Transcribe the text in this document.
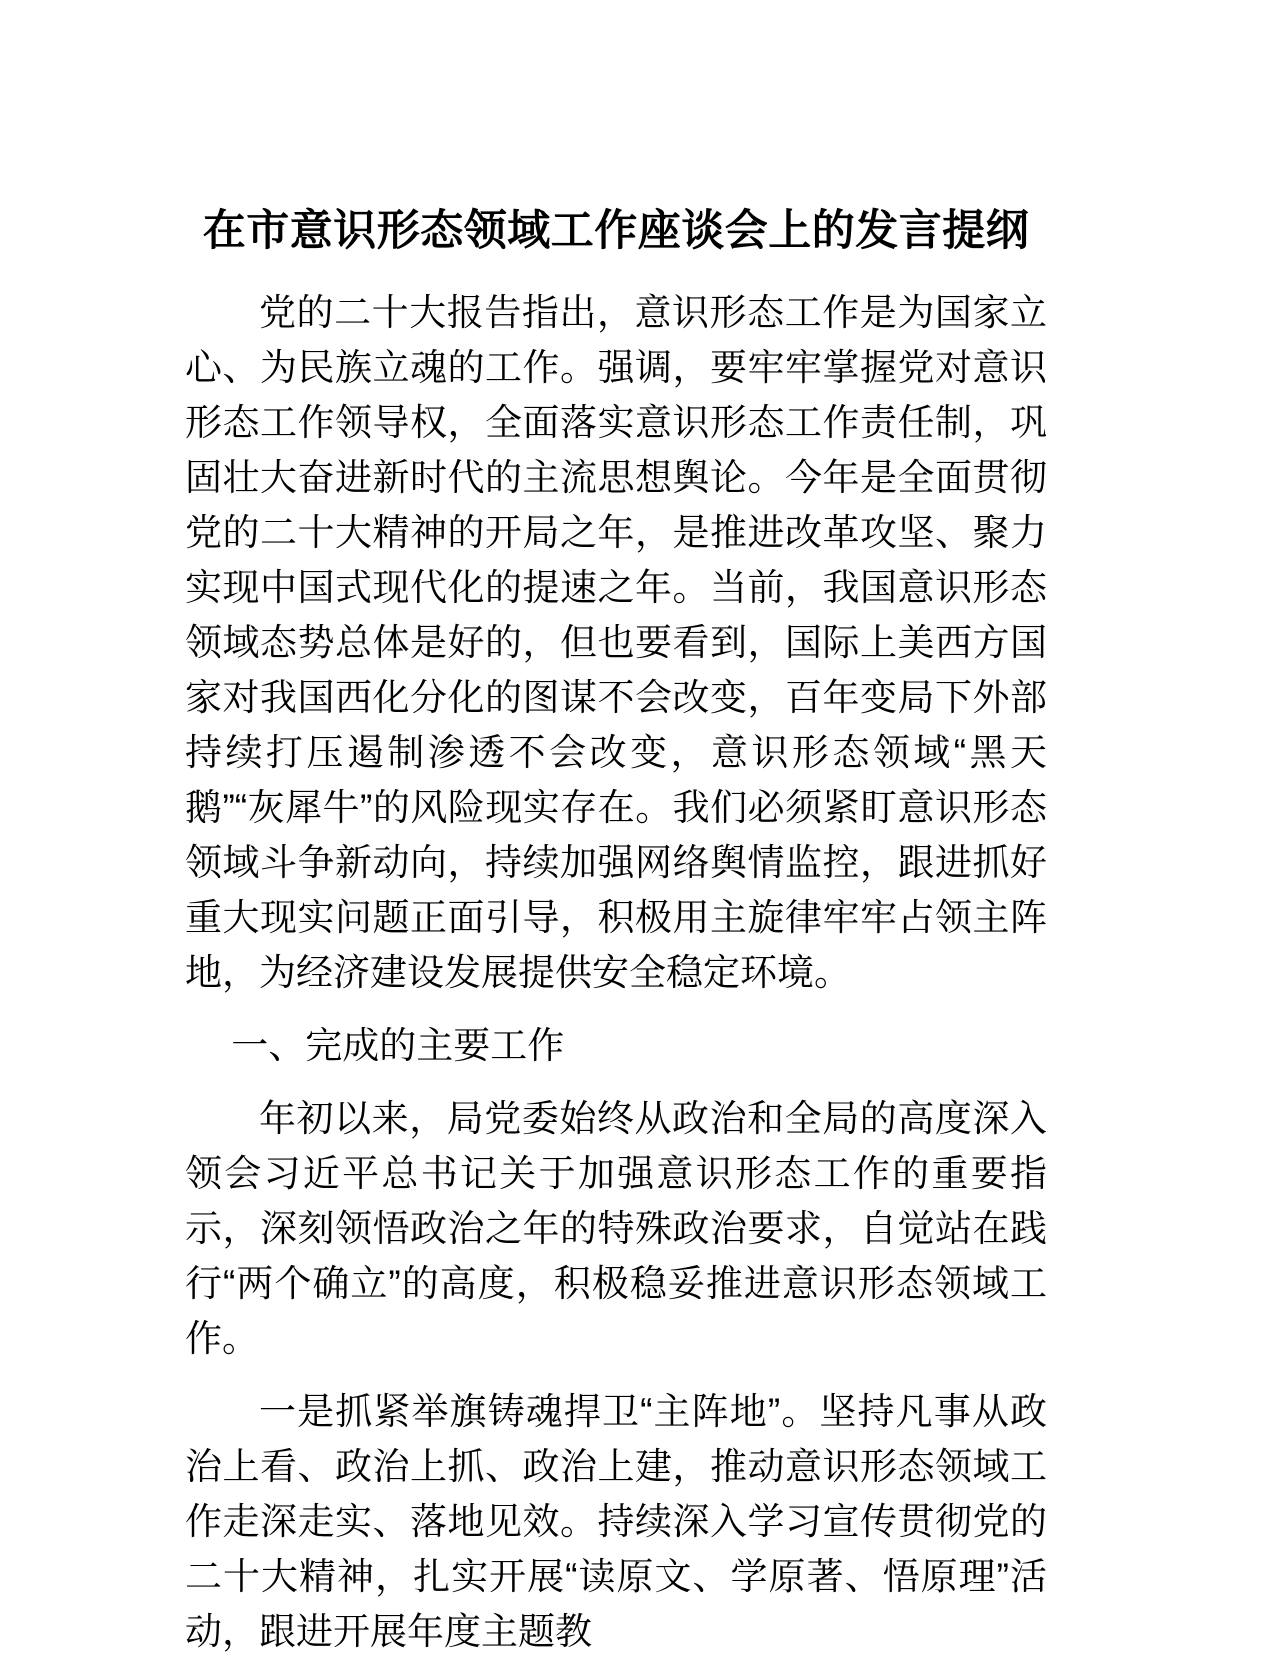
在市意识形态领域工作座谈会上的发言提纲

党的二十大报告指出，意识形态工作是为国家立心、为民族立魂的工作。强调，要牢牢掌握党对意识形态工作领导权，全面落实意识形态工作责任制，巩固壮大奋进新时代的主流思想舆论。今年是全面贯彻党的二十大精神的开局之年，是推进改革攻坚、聚力实现中国式现代化的提速之年。当前，我国意识形态领域态势总体是好的，但也要看到，国际上美西方国家对我国西化分化的图谋不会改变，百年变局下外部持续打压遏制渗透不会改变，意识形态领域“黑天鹅”“灰犀牛”的风险现实存在。我们必须紧盯意识形态领域斗争新动向，持续加强网络舆情监控，跟进抓好重大现实问题正面引导，积极用主旋律牢牢占领主阵地，为经济建设发展提供安全稳定环境。

一、完成的主要工作

年初以来，局党委始终从政治和全局的高度深入领会习近平总书记关于加强意识形态工作的重要指示，深刻领悟政治之年的特殊政治要求，自觉站在践行“两个确立”的高度，积极稳妥推进意识形态领域工作。

一是抓紧举旗铸魂捍卫“主阵地”。坚持凡事从政治上看、政治上抓、政治上建，推动意识形态领域工作走深走实、落地见效。持续深入学习宣传贯彻党的二十大精神，扎实开展“读原文、学原著、悟原理”活动，跟进开展年度主题教
